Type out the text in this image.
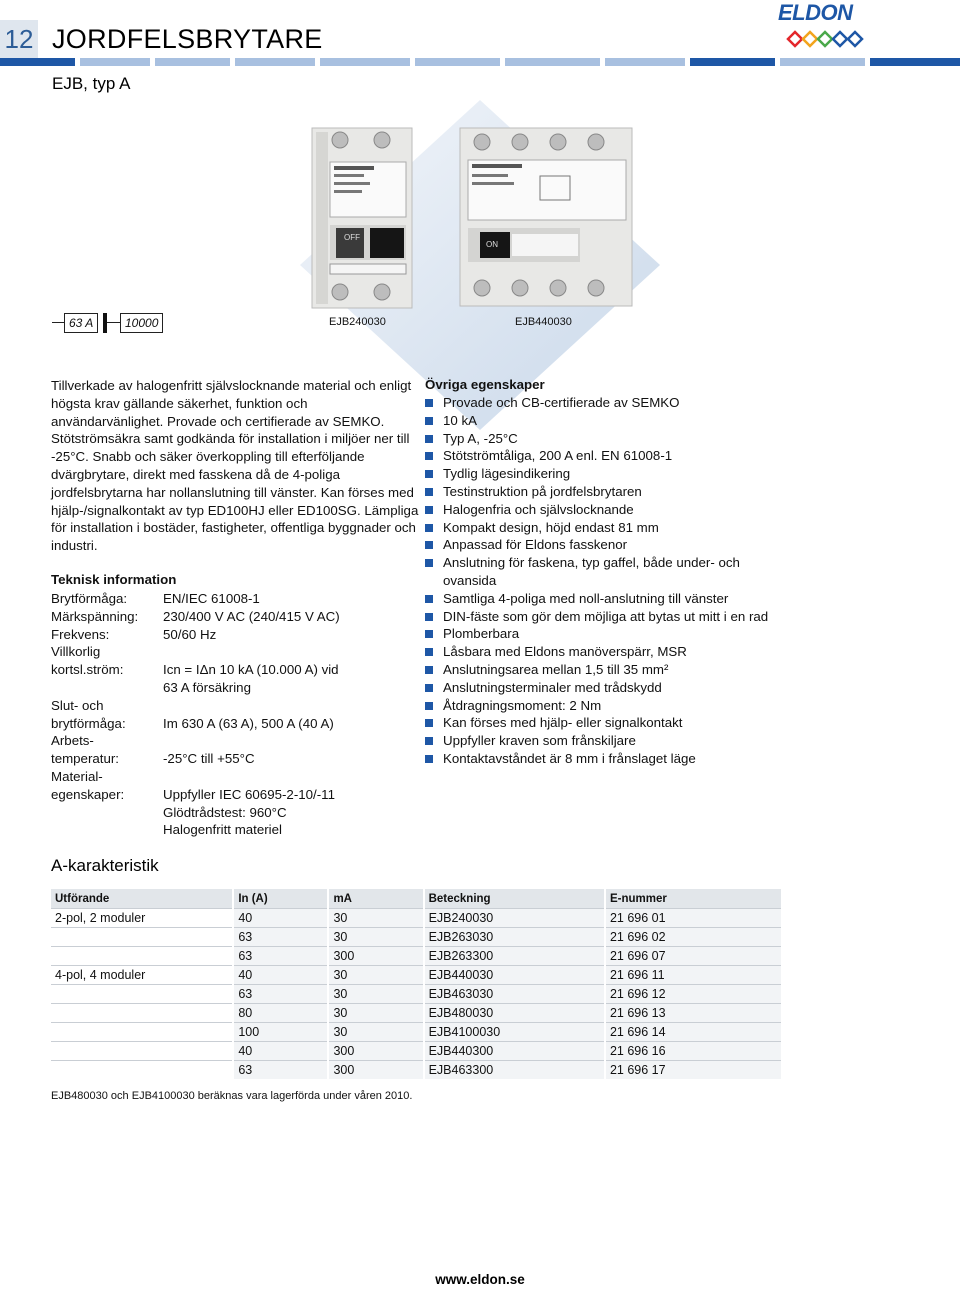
12 JORDFELSBRYTARE
ELDON
EJB, typ A
OFF
ON
63 A	10000	EJB240030	EJB440030
Tillverkade av halogenfritt självslocknande material och enligt högsta krav gällande säkerhet, funktion och användarvänlighet. Provade och certifierade av SEMKO. Stötströmsäkra samt godkända för installation i miljöer ner till -25°C. Snabb och säker överkoppling till efterföljande dvärgbrytare, direkt med fasskena då de 4-poliga jordfelsbrytarna har nollanslutning till vänster. Kan förses med hjälp-/signalkontakt av typ ED100HJ eller ED100SG. Lämpliga för installation i bostäder, fastigheter, offentliga byggnader och industri.
Teknisk information
Brytförmåga:	EN/IEC 61008-1
Märkspänning:	230/400 V AC (240/415 V AC)
Frekvens:	50/60 Hz
Villkorlig
kortsl.ström:	Icn = IΔn 10 kA (10.000 A) vid
63 A försäkring
Slut- och
brytförmåga:	Im 630 A (63 A), 500 A (40 A)
Arbets-
temperatur:	-25°C till +55°C
Material-
egenskaper:	Uppfyller IEC 60695-2-10/-11
Glödtrådstest: 960°C
Halogenfritt materiel
Övriga egenskaper
Provade och CB-certifierade av SEMKO
10 kA
Typ A, -25°C
Stötströmtåliga, 200 A enl. EN 61008-1
Tydlig lägesindikering
Testinstruktion på jordfelsbrytaren
Halogenfria och självslocknande
Kompakt design, höjd endast 81 mm
Anpassad för Eldons fasskenor
Anslutning för faskena, typ gaffel, både under- och ovansida
Samtliga 4-poliga med noll-anslutning till vänster
DIN-fäste som gör dem möjliga att bytas ut mitt i en rad
Plomberbara
Låsbara med Eldons manöverspärr, MSR
Anslutningsarea mellan 1,5 till 35 mm²
Anslutningsterminaler med trådskydd
Åtdragningsmoment: 2 Nm
Kan förses med hjälp- eller signalkontakt
Uppfyller kraven som frånskiljare
Kontaktavståndet är 8 mm i frånslaget läge
A-karakteristik
Utförande	In (A)	mA	Beteckning	E-nummer
2-pol, 2 moduler	40	30	EJB240030	21 696 01
	63	30	EJB263030	21 696 02
	63	300	EJB263300	21 696 07
4-pol, 4 moduler	40	30	EJB440030	21 696 11
	63	30	EJB463030	21 696 12
	80	30	EJB480030	21 696 13
	100	30	EJB4100030	21 696 14
	40	300	EJB440300	21 696 16
	63	300	EJB463300	21 696 17
EJB480030 och EJB4100030 beräknas vara lagerförda under våren 2010.
www.eldon.se
